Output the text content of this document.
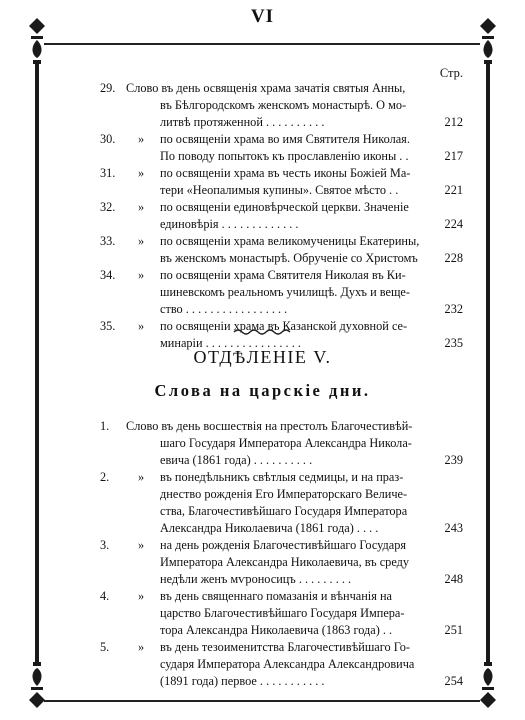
VI
Стр.
29. Слово въ день освященія храма зачатія святыя Анны,
въ Бѣлгородскомъ женскомъ монастырѣ. О мо-
литвѣ протяженной . . . . . . . . . .	212
30.	»	по освященіи храма во имя Святителя Николая.
По поводу попытокъ къ прославленію иконы . .	217
31.	»	по освященіи храма въ честь иконы Божіей Ма-
тери «Неопалимыя купины». Святое мѣсто . .	221
32.	»	по освященіи единовѣрческой церкви. Значеніе
единовѣрія . . . . . . . . . . . . .	224
33.	»	по освященіи храма великомученицы Екатерины,
въ женскомъ монастырѣ. Обрученіе со Христомъ	228
34.	»	по освященіи храма Святителя Николая въ Ки-
шиневскомъ реальномъ училищѣ. Духъ и веще-
ство . . . . . . . . . . . . . . . . .	232
35.	»	по освященіи храма въ Казанской духовной се-
минаріи . . . . . . . . . . . . . . . .	235
ОТДѢЛЕНІЕ V.
Слова на царскіе дни.
1.	Слово въ день восшествія на престолъ Благочестивѣй-
шаго Государя Императора Александра Никола-
евича (1861 года) . . . . . . . . . .	239
2.	»	въ понедѣльникъ свѣтлыя седмицы, и на праз-
днество рожденія Его Императорскаго Величе-
ства, Благочестивѣйшаго Государя Императора
Александра Николаевича (1861 года) . . . .	243
3.	»	на день рожденія Благочестивѣйшаго Государя
Императора Александра Николаевича, въ среду
недѣли женъ мѵроносицъ . . . . . . . . .	248
4.	»	въ день священнаго помазанія и вѣнчанія на
царство Благочестивѣйшаго Государя Импера-
тора Александра Николаевича (1863 года) . .	251
5.	»	въ день тезоименитства Благочестивѣйшаго Го-
сударя Императора Александра Александровича
(1891 года) первое . . . . . . . . . . .	254
